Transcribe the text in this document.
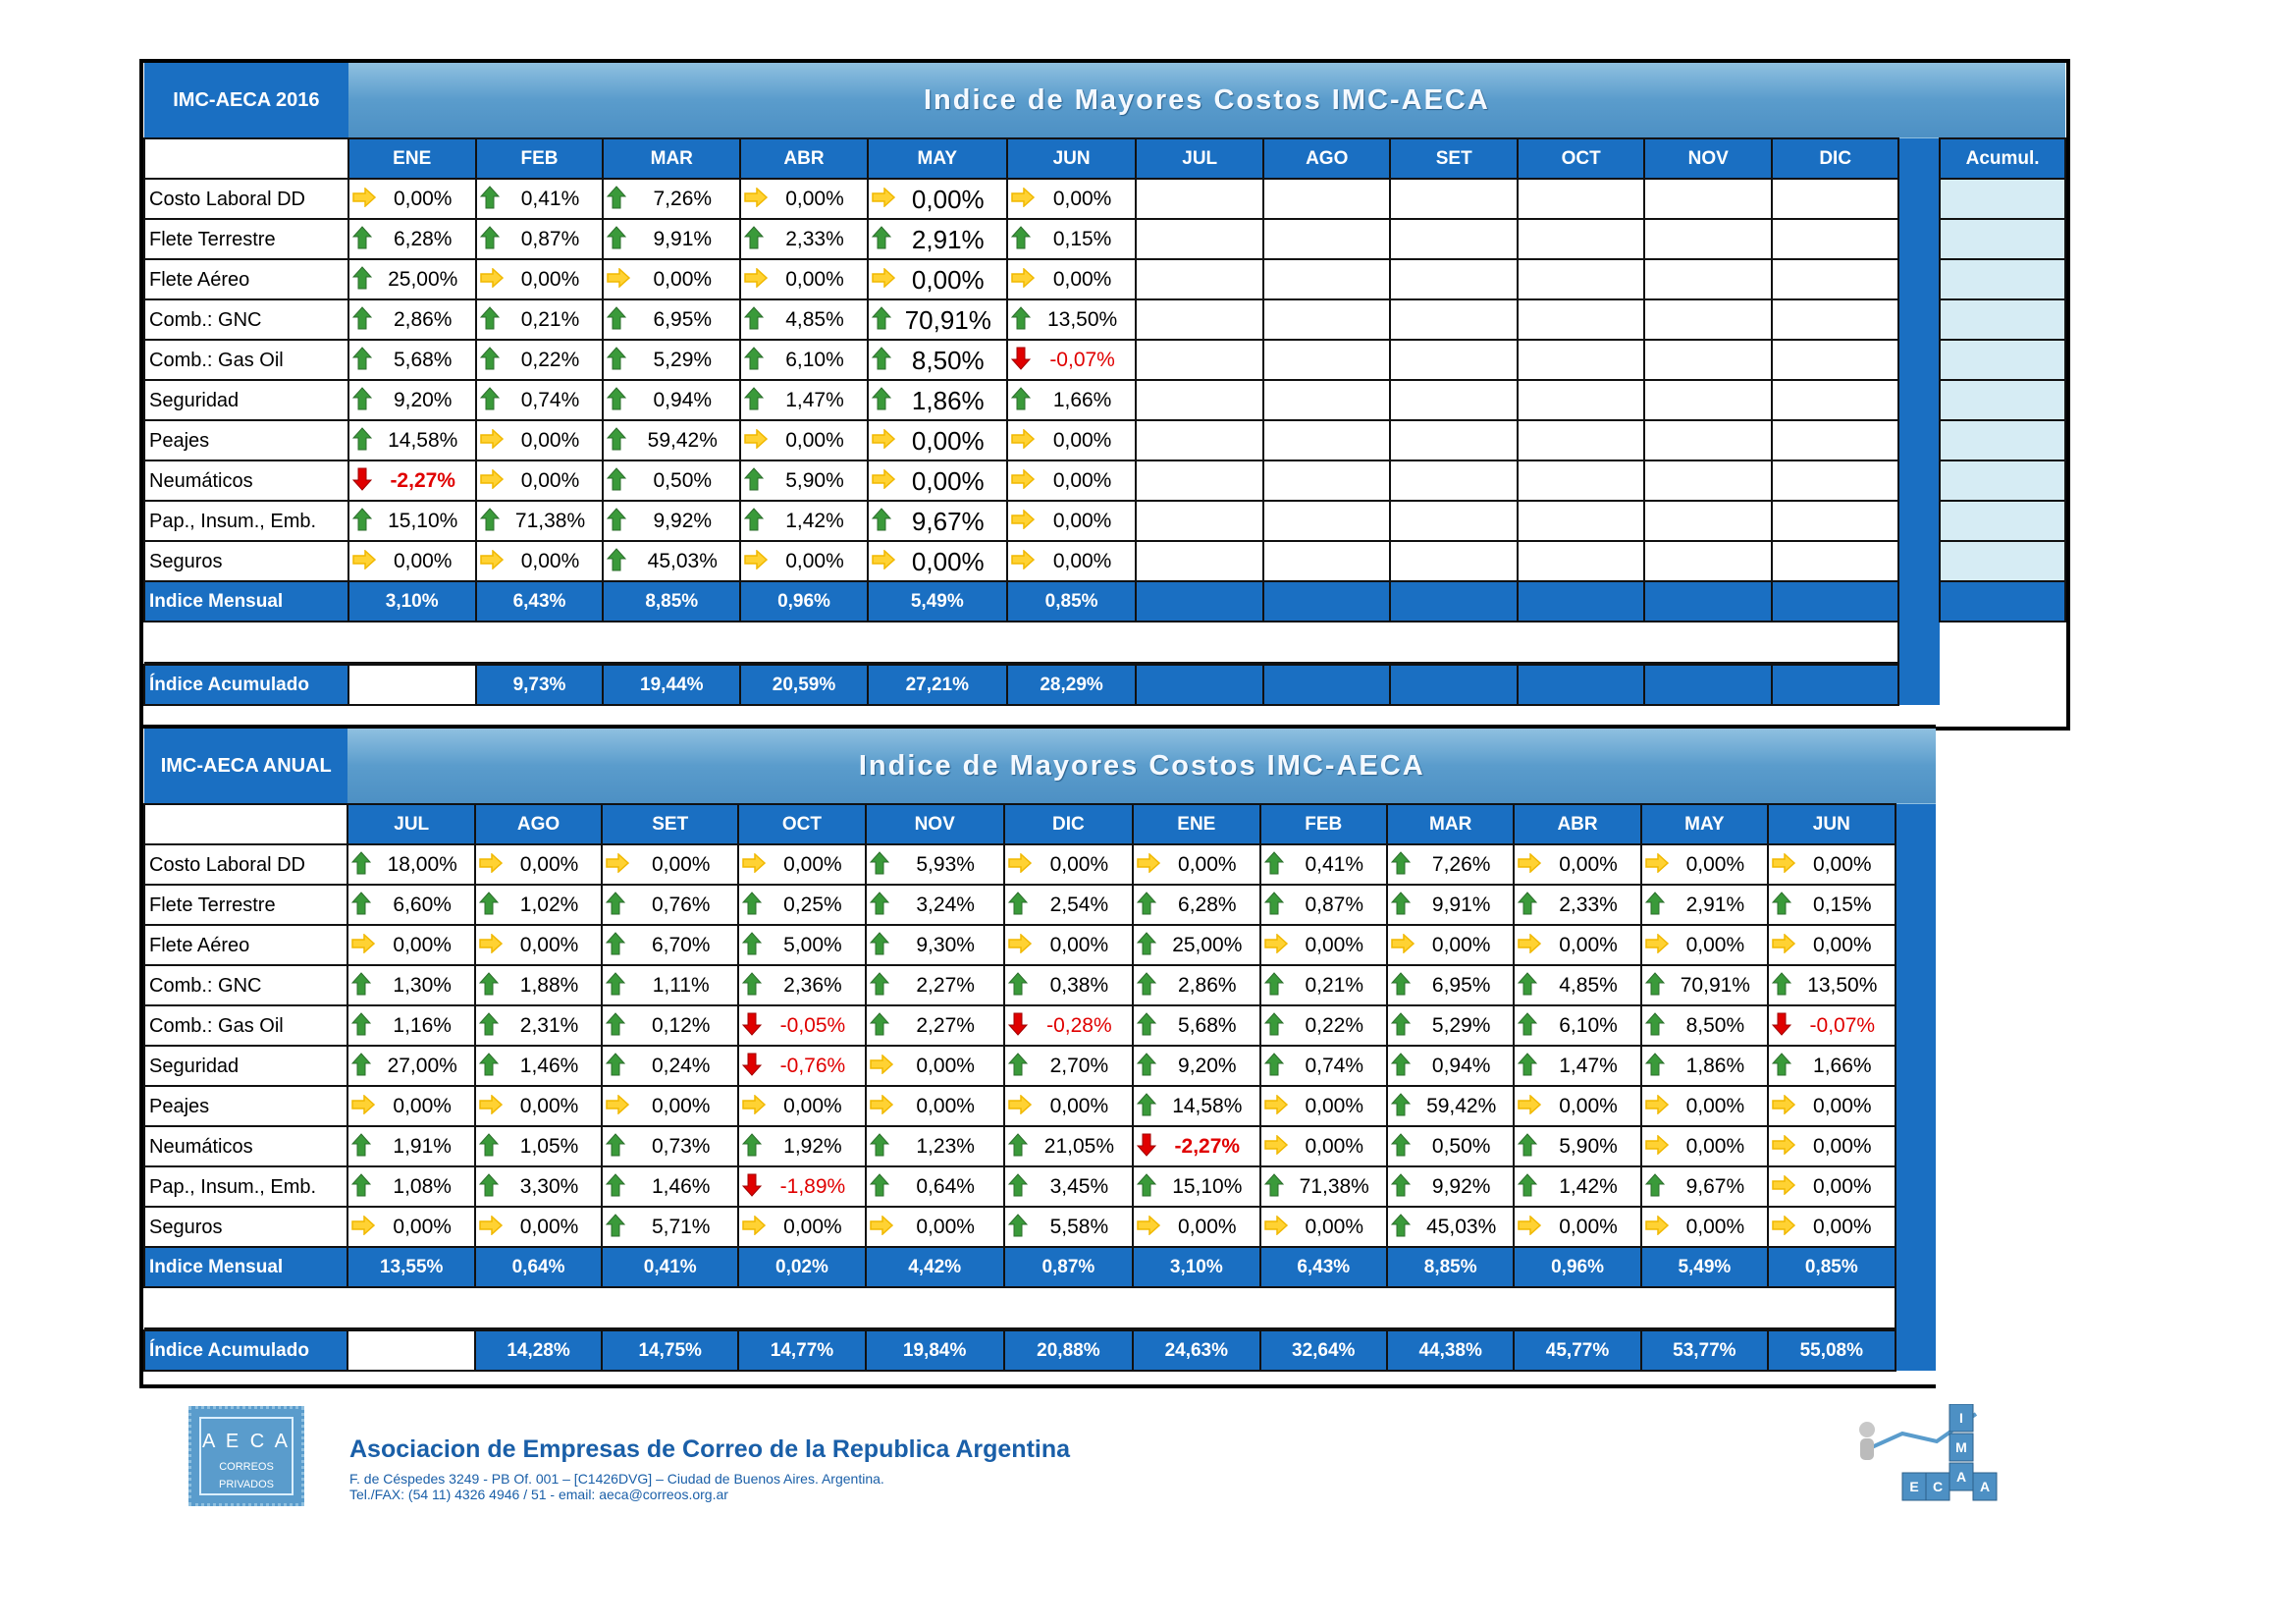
IMC-AECA 2016	Indice de Mayores Costos IMC-AECA													
	ENE	FEB	MAR	ABR	MAY	JUN	JUL	AGO	SET	OCT	NOV	DIC		Acumul.
Costo Laboral DD	0,00%	0,41%	7,26%	0,00%	0,00%	0,00%								
Flete Terrestre	6,28%	0,87%	9,91%	2,33%	2,91%	0,15%								
Flete Aéreo	25,00%	0,00%	0,00%	0,00%	0,00%	0,00%								
Comb.: GNC	2,86%	0,21%	6,95%	4,85%	70,91%	13,50%								
Comb.: Gas Oil	5,68%	0,22%	5,29%	6,10%	8,50%	-0,07%								
Seguridad	9,20%	0,74%	0,94%	1,47%	1,86%	1,66%								
Peajes	14,58%	0,00%	59,42%	0,00%	0,00%	0,00%								
Neumáticos	-2,27%	0,00%	0,50%	5,90%	0,00%	0,00%								
Pap., Insum., Emb.	15,10%	71,38%	9,92%	1,42%	9,67%	0,00%								
Seguros	0,00%	0,00%	45,03%	0,00%	0,00%	0,00%								
Indice Mensual	3,10%	6,43%	8,85%	0,96%	5,49%	0,85%								

Índice Acumulado		9,73%	19,44%	20,59%	27,21%	28,29%								
IMC-AECA ANUAL	Indice de Mayores Costos IMC-AECA												
	JUL	AGO	SET	OCT	NOV	DIC	ENE	FEB	MAR	ABR	MAY	JUN	
Costo Laboral DD	18,00%	0,00%	0,00%	0,00%	5,93%	0,00%	0,00%	0,41%	7,26%	0,00%	0,00%	0,00%	
Flete Terrestre	6,60%	1,02%	0,76%	0,25%	3,24%	2,54%	6,28%	0,87%	9,91%	2,33%	2,91%	0,15%	
Flete Aéreo	0,00%	0,00%	6,70%	5,00%	9,30%	0,00%	25,00%	0,00%	0,00%	0,00%	0,00%	0,00%	
Comb.: GNC	1,30%	1,88%	1,11%	2,36%	2,27%	0,38%	2,86%	0,21%	6,95%	4,85%	70,91%	13,50%	
Comb.: Gas Oil	1,16%	2,31%	0,12%	-0,05%	2,27%	-0,28%	5,68%	0,22%	5,29%	6,10%	8,50%	-0,07%	
Seguridad	27,00%	1,46%	0,24%	-0,76%	0,00%	2,70%	9,20%	0,74%	0,94%	1,47%	1,86%	1,66%	
Peajes	0,00%	0,00%	0,00%	0,00%	0,00%	0,00%	14,58%	0,00%	59,42%	0,00%	0,00%	0,00%	
Neumáticos	1,91%	1,05%	0,73%	1,92%	1,23%	21,05%	-2,27%	0,00%	0,50%	5,90%	0,00%	0,00%	
Pap., Insum., Emb.	1,08%	3,30%	1,46%	-1,89%	0,64%	3,45%	15,10%	71,38%	9,92%	1,42%	9,67%	0,00%	
Seguros	0,00%	0,00%	5,71%	0,00%	0,00%	5,58%	0,00%	0,00%	45,03%	0,00%	0,00%	0,00%	
Indice Mensual	13,55%	0,64%	0,41%	0,02%	4,42%	0,87%	3,10%	6,43%	8,85%	0,96%	5,49%	0,85%	

Índice Acumulado		14,28%	14,75%	14,77%	19,84%	20,88%	24,63%	32,64%	44,38%	45,77%	53,77%	55,08%	
A E C A
CORREOS PRIVADOS
Asociacion de Empresas de Correo de la Republica Argentina
F. de Céspedes 3249 - PB Of. 001 – [C1426DVG] – Ciudad de Buenos Aires. Argentina.
Tel./FAX: (54 11) 4326 4946 / 51 - email: aeca@correos.org.ar
I
M
A
E C	A
